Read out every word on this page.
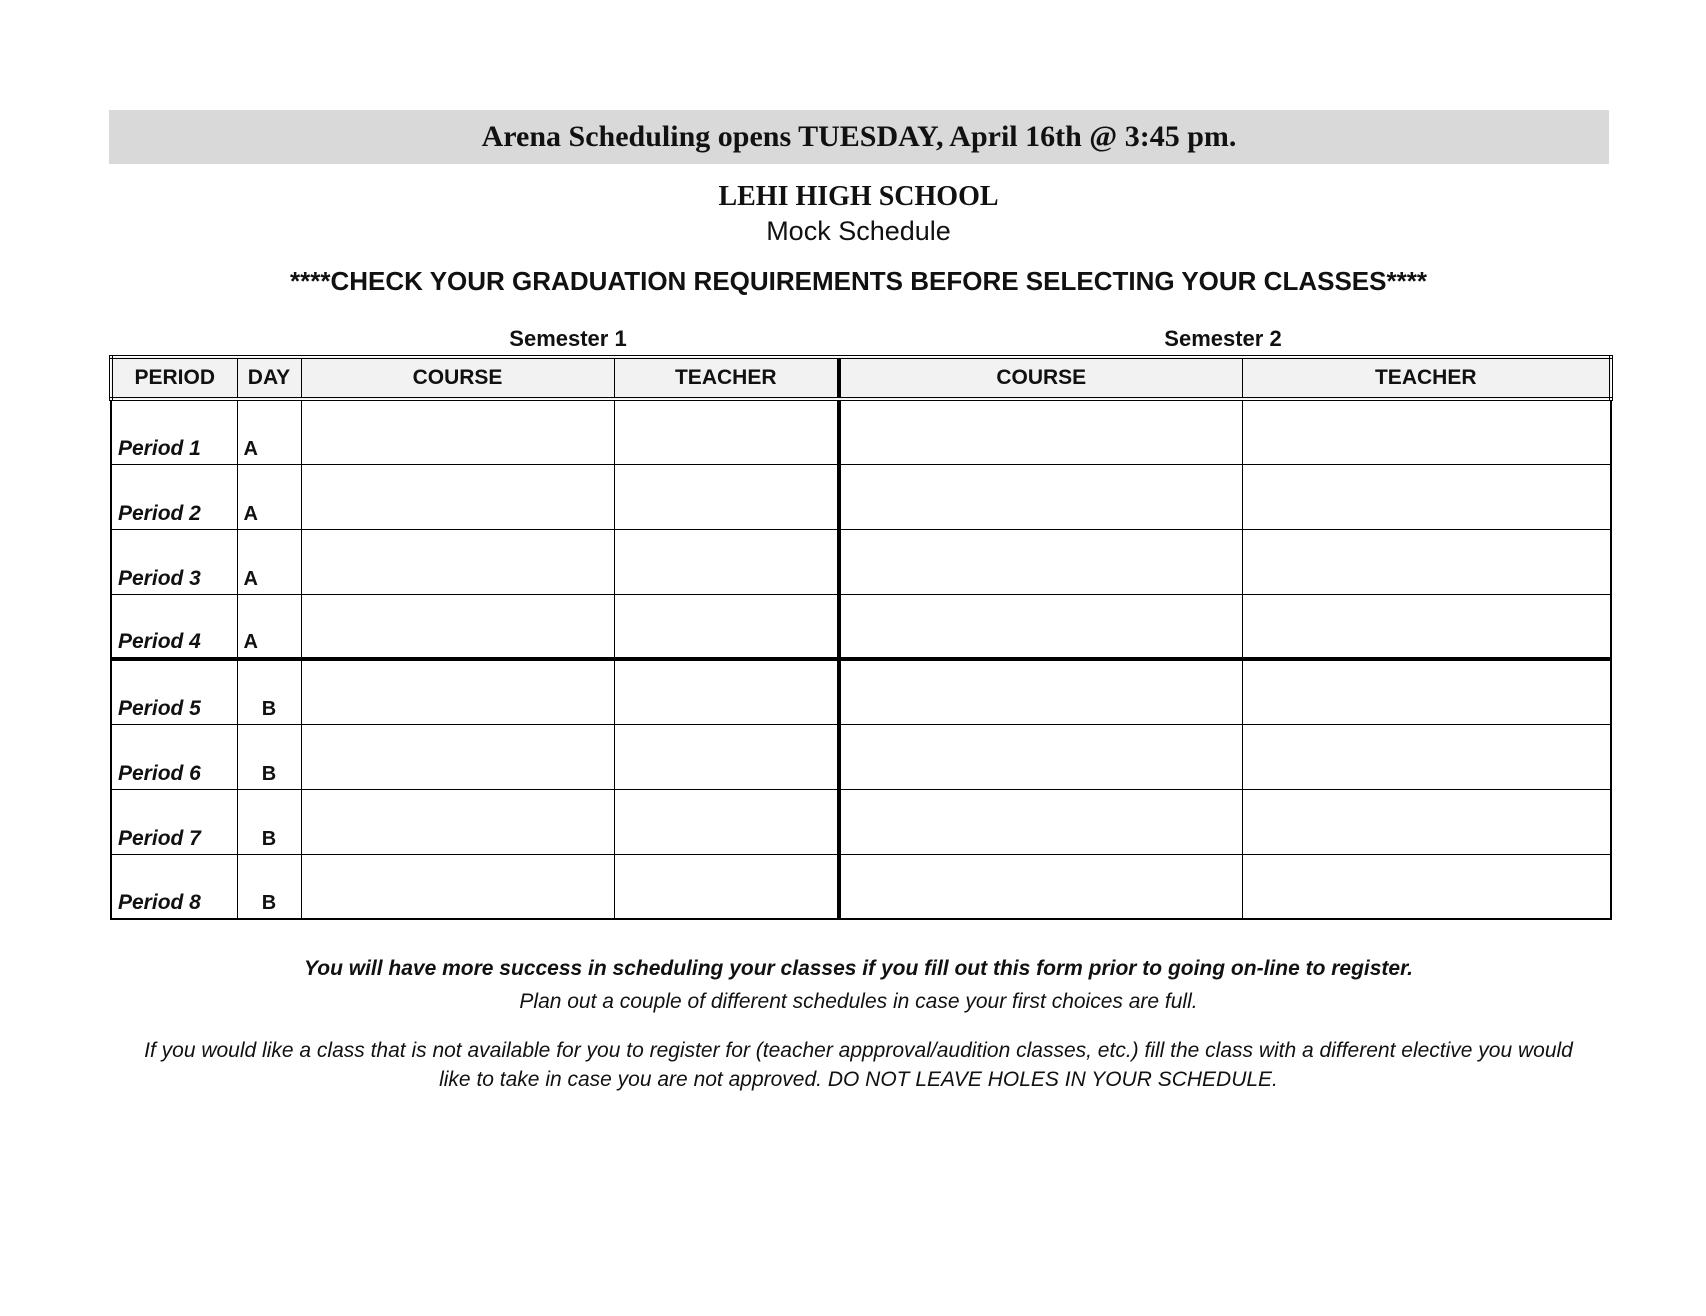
Arena Scheduling opens TUESDAY, April 16th @ 3:45 pm.
LEHI HIGH SCHOOL
Mock Schedule
****CHECK YOUR GRADUATION REQUIREMENTS BEFORE SELECTING YOUR CLASSES****
Semester 1	Semester 2
PERIOD	DAY	COURSE	TEACHER	COURSE	TEACHER
Period 1	A				
Period 2	A				
Period 3	A				
Period 4	A				
Period 5	B				
Period 6	B				
Period 7	B				
Period 8	B				
You will have more success in scheduling your classes if you fill out this form prior to going on-line to register.
Plan out a couple of different schedules in case your first choices are full.
If you would like a class that is not available for you to register for (teacher appproval/audition classes, etc.) fill the class with a different elective you would like to take in case you are not approved. DO NOT LEAVE HOLES IN YOUR SCHEDULE.
